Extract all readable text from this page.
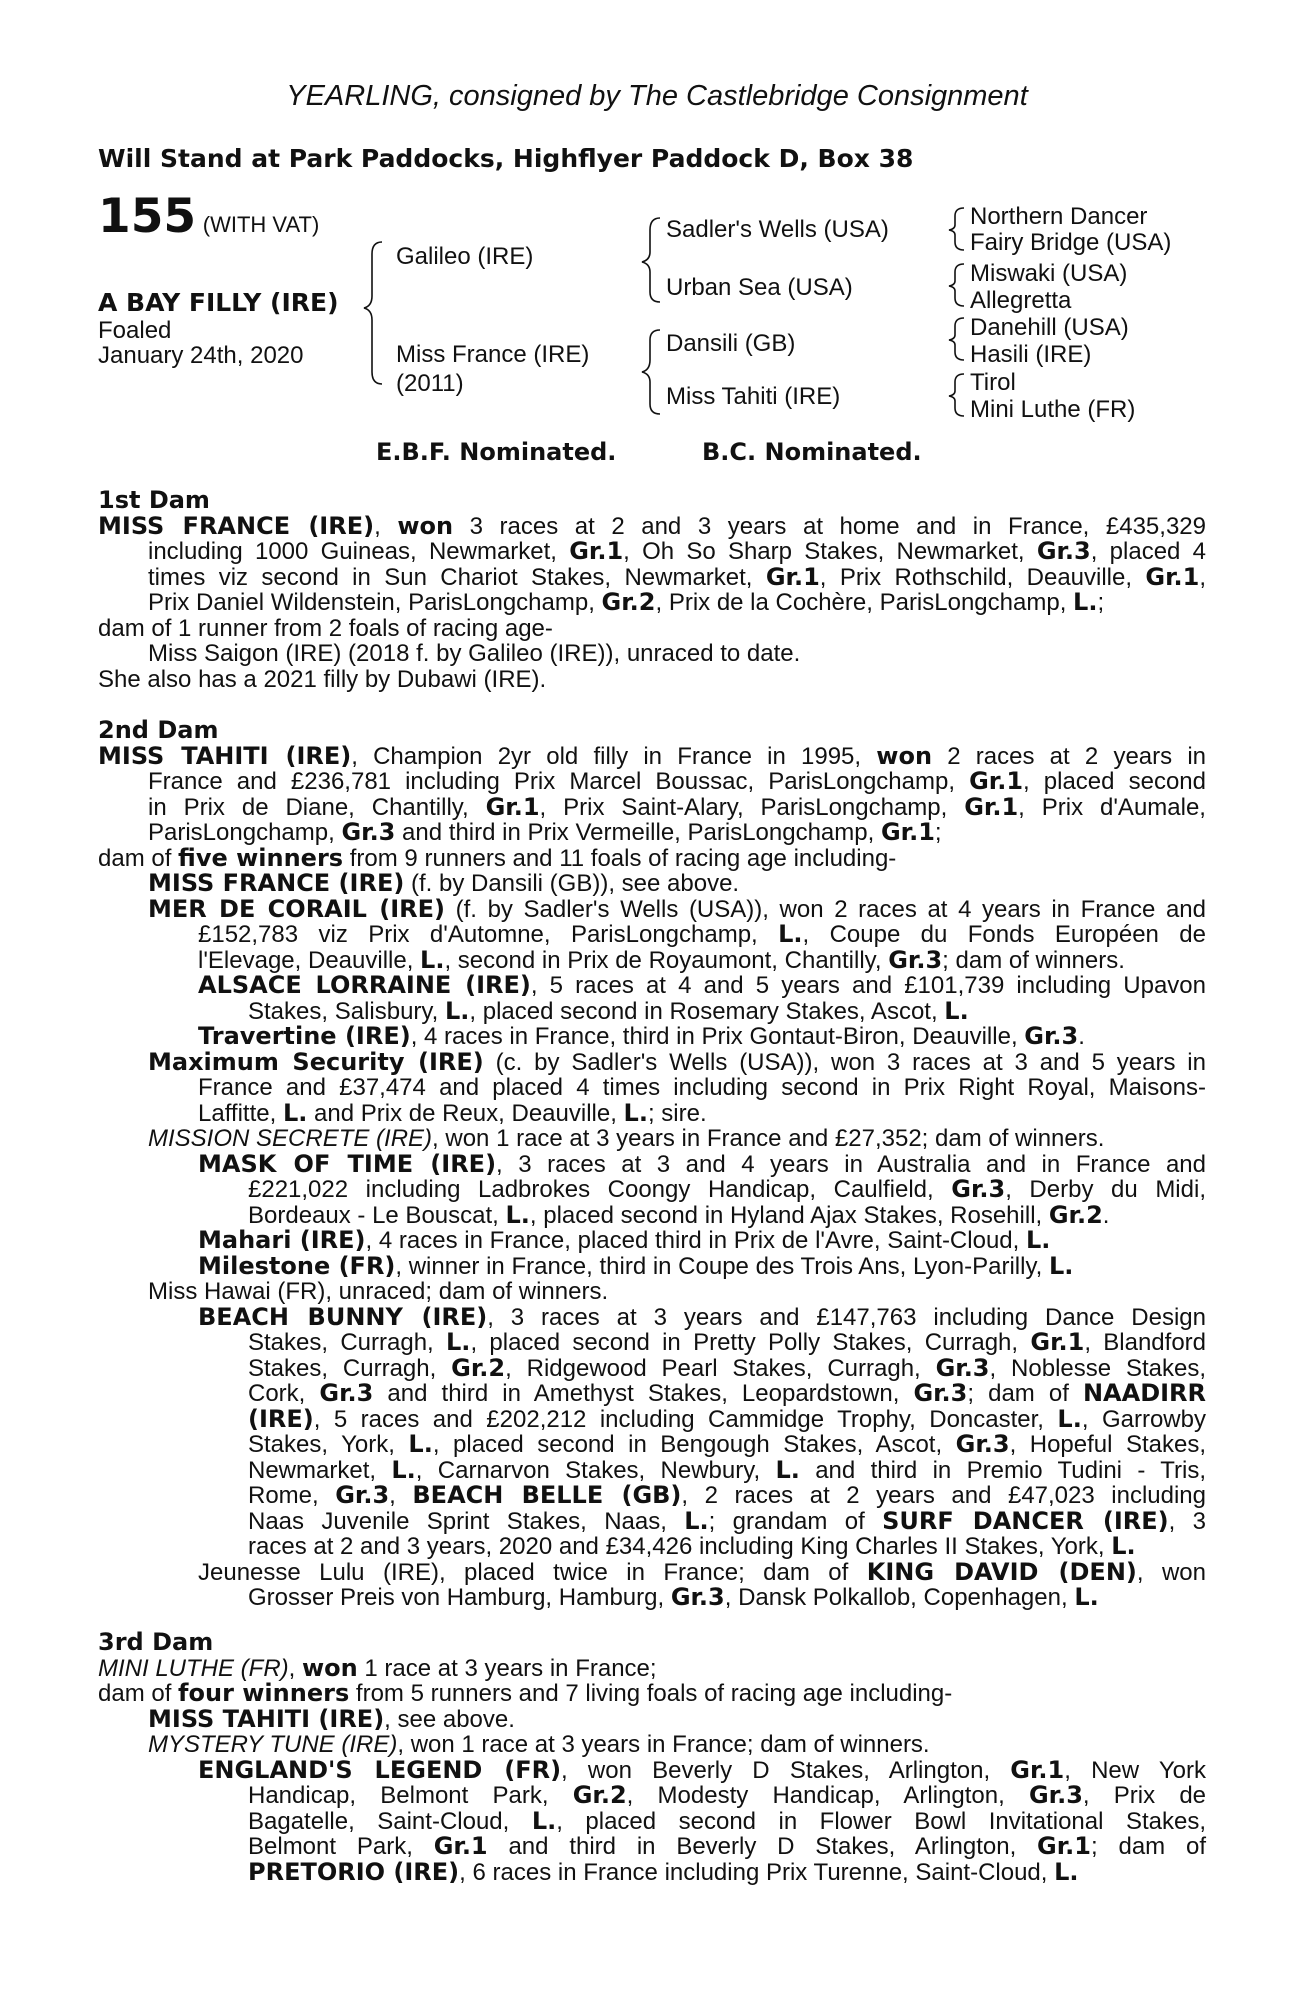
YEARLING, consigned by The Castlebridge Consignment
Will Stand at Park Paddocks, Highflyer Paddock D, Box 38
155 (WITH VAT)
A BAY FILLY (IRE)
Foaled
January 24th, 2020
Galileo (IRE)
Miss France (IRE)
(2011)
Sadler's Wells (USA)
Urban Sea (USA)
Dansili (GB)
Miss Tahiti (IRE)
Northern Dancer
Fairy Bridge (USA)
Miswaki (USA)
Allegretta
Danehill (USA)
Hasili (IRE)
Tirol
Mini Luthe (FR)
E.B.F. Nominated.	B.C. Nominated.
1st Dam
MISS FRANCE (IRE), won 3 races at 2 and 3 years at home and in France, £435,329
including 1000 Guineas, Newmarket, Gr.1, Oh So Sharp Stakes, Newmarket, Gr.3, placed 4
times viz second in Sun Chariot Stakes, Newmarket, Gr.1, Prix Rothschild, Deauville, Gr.1,
Prix Daniel Wildenstein, ParisLongchamp, Gr.2, Prix de la Cochère, ParisLongchamp, L.;
dam of 1 runner from 2 foals of racing age-
Miss Saigon (IRE) (2018 f. by Galileo (IRE)), unraced to date.
She also has a 2021 filly by Dubawi (IRE).
2nd Dam
MISS TAHITI (IRE), Champion 2yr old filly in France in 1995, won 2 races at 2 years in
France and £236,781 including Prix Marcel Boussac, ParisLongchamp, Gr.1, placed second
in Prix de Diane, Chantilly, Gr.1, Prix Saint-Alary, ParisLongchamp, Gr.1, Prix d'Aumale,
ParisLongchamp, Gr.3 and third in Prix Vermeille, ParisLongchamp, Gr.1;
dam of five winners from 9 runners and 11 foals of racing age including-
MISS FRANCE (IRE) (f. by Dansili (GB)), see above.
MER DE CORAIL (IRE) (f. by Sadler's Wells (USA)), won 2 races at 4 years in France and
£152,783 viz Prix d'Automne, ParisLongchamp, L., Coupe du Fonds Européen de
l'Elevage, Deauville, L., second in Prix de Royaumont, Chantilly, Gr.3; dam of winners.
ALSACE LORRAINE (IRE), 5 races at 4 and 5 years and £101,739 including Upavon
Stakes, Salisbury, L., placed second in Rosemary Stakes, Ascot, L.
Travertine (IRE), 4 races in France, third in Prix Gontaut-Biron, Deauville, Gr.3.
Maximum Security (IRE) (c. by Sadler's Wells (USA)), won 3 races at 3 and 5 years in
France and £37,474 and placed 4 times including second in Prix Right Royal, Maisons-
Laffitte, L. and Prix de Reux, Deauville, L.; sire.
MISSION SECRETE (IRE), won 1 race at 3 years in France and £27,352; dam of winners.
MASK OF TIME (IRE), 3 races at 3 and 4 years in Australia and in France and
£221,022 including Ladbrokes Coongy Handicap, Caulfield, Gr.3, Derby du Midi,
Bordeaux - Le Bouscat, L., placed second in Hyland Ajax Stakes, Rosehill, Gr.2.
Mahari (IRE), 4 races in France, placed third in Prix de l'Avre, Saint-Cloud, L.
Milestone (FR), winner in France, third in Coupe des Trois Ans, Lyon-Parilly, L.
Miss Hawai (FR), unraced; dam of winners.
BEACH BUNNY (IRE), 3 races at 3 years and £147,763 including Dance Design
Stakes, Curragh, L., placed second in Pretty Polly Stakes, Curragh, Gr.1, Blandford
Stakes, Curragh, Gr.2, Ridgewood Pearl Stakes, Curragh, Gr.3, Noblesse Stakes,
Cork, Gr.3 and third in Amethyst Stakes, Leopardstown, Gr.3; dam of NAADIRR
(IRE), 5 races and £202,212 including Cammidge Trophy, Doncaster, L., Garrowby
Stakes, York, L., placed second in Bengough Stakes, Ascot, Gr.3, Hopeful Stakes,
Newmarket, L., Carnarvon Stakes, Newbury, L. and third in Premio Tudini - Tris,
Rome, Gr.3, BEACH BELLE (GB), 2 races at 2 years and £47,023 including
Naas Juvenile Sprint Stakes, Naas, L.; grandam of SURF DANCER (IRE), 3
races at 2 and 3 years, 2020 and £34,426 including King Charles II Stakes, York, L.
Jeunesse Lulu (IRE), placed twice in France; dam of KING DAVID (DEN), won
Grosser Preis von Hamburg, Hamburg, Gr.3, Dansk Polkallob, Copenhagen, L.
3rd Dam
MINI LUTHE (FR), won 1 race at 3 years in France;
dam of four winners from 5 runners and 7 living foals of racing age including-
MISS TAHITI (IRE), see above.
MYSTERY TUNE (IRE), won 1 race at 3 years in France; dam of winners.
ENGLAND'S LEGEND (FR), won Beverly D Stakes, Arlington, Gr.1, New York
Handicap, Belmont Park, Gr.2, Modesty Handicap, Arlington, Gr.3, Prix de
Bagatelle, Saint-Cloud, L., placed second in Flower Bowl Invitational Stakes,
Belmont Park, Gr.1 and third in Beverly D Stakes, Arlington, Gr.1; dam of
PRETORIO (IRE), 6 races in France including Prix Turenne, Saint-Cloud, L.
